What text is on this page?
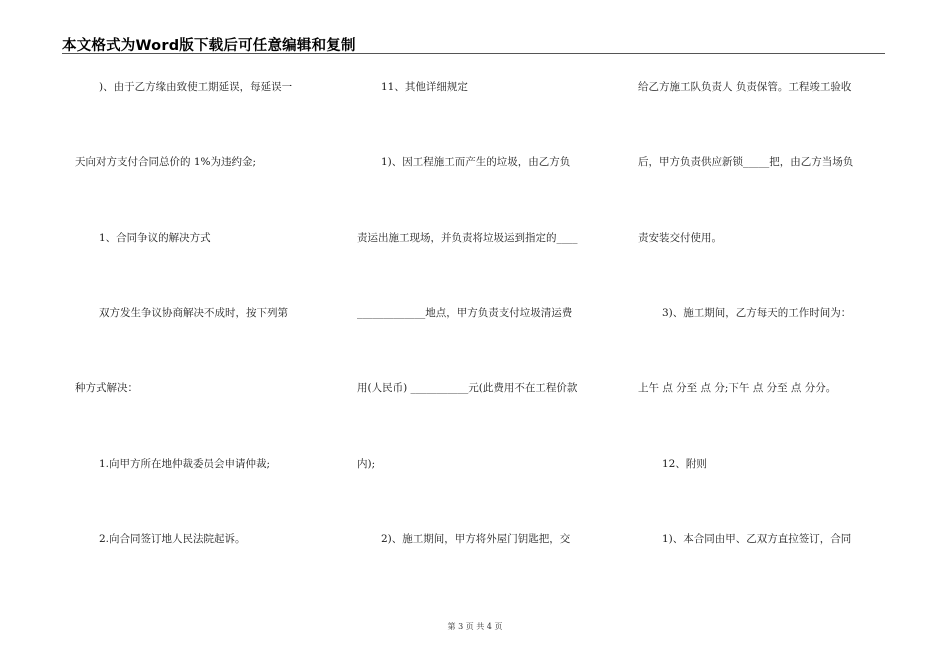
本文格式为Word版下载后可任意编辑和复制
)、由于乙方缘由致使工期延误，每延误一
天向对方支付合同总价的 1%为违约金;
1、合同争议的解决方式
双方发生争议协商解决不成时，按下列第
种方式解决：
1.向甲方所在地仲裁委员会申请仲裁;
2.向合同签订地人民法院起诉。
11、其他详细规定
1)、因工程施工而产生的垃圾，由乙方负
责运出施工现场，并负责将垃圾运到指定的____
_____________地点，甲方负责支付垃圾清运费
用(人民币) ___________元(此费用不在工程价款
内);
2)、施工期间，甲方将外屋门钥匙把，交
给乙方施工队负责人 负责保管。工程竣工验收
后，甲方负责供应新锁_____把，由乙方当场负
责安装交付使用。
3)、施工期间，乙方每天的工作时间为：
上午 点 分至 点 分;下午 点 分至 点 分分。
12、附则
1)、本合同由甲、乙双方直拉签订，合同
第 3 页 共 4 页
